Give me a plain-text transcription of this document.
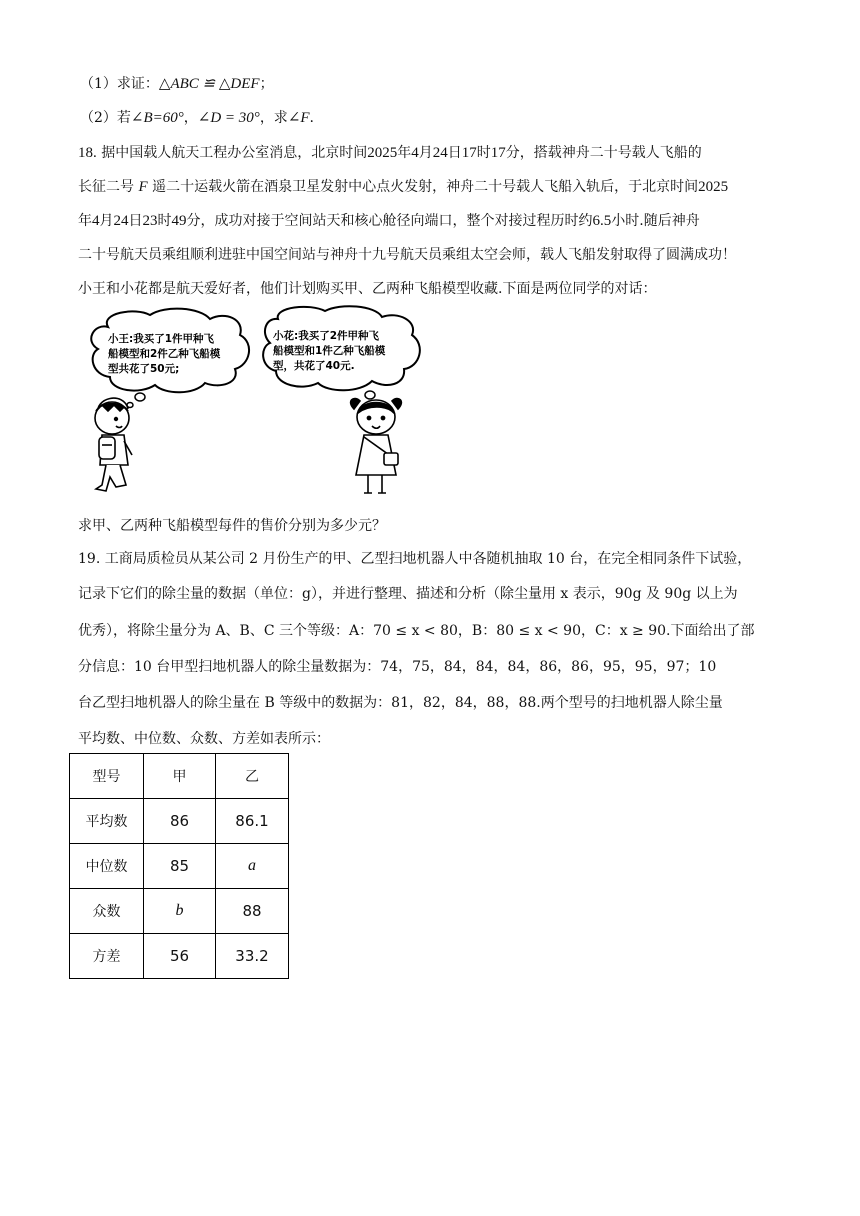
（1）求证：△ABC ≌ △DEF；
（2）若∠B=60°，∠D = 30°，求∠F.
18. 据中国载人航天工程办公室消息，北京时间2025年4月24日17时17分，搭载神舟二十号载人飞船的
长征二号 F 遥二十运载火箭在酒泉卫星发射中心点火发射，神舟二十号载人飞船入轨后，于北京时间2025
年4月24日23时49分，成功对接于空间站天和核心舱径向端口，整个对接过程历时约6.5小时.随后神舟
二十号航天员乘组顺利进驻中国空间站与神舟十九号航天员乘组太空会师，载人飞船发射取得了圆满成功！
小王和小花都是航天爱好者，他们计划购买甲、乙两种飞船模型收藏.下面是两位同学的对话：
小王:我买了1件甲种飞
船模型和2件乙种飞船模
型共花了50元;
小花:我买了2件甲种飞
船模型和1件乙种飞船模
型，共花了40元.
求甲、乙两种飞船模型每件的售价分别为多少元？
19. 工商局质检员从某公司 2 月份生产的甲、乙型扫地机器人中各随机抽取 10 台，在完全相同条件下试验，
记录下它们的除尘量的数据（单位：g），并进行整理、描述和分析（除尘量用 x 表示，90g 及 90g 以上为
优秀），将除尘量分为 A、B、C 三个等级：A：70 ≤ x < 80，B：80 ≤ x < 90，C：x ≥ 90.下面给出了部
分信息：10 台甲型扫地机器人的除尘量数据为：74，75，84，84，84，86，86，95，95，97；10
台乙型扫地机器人的除尘量在 B 等级中的数据为：81，82，84，88，88.两个型号的扫地机器人除尘量
平均数、中位数、众数、方差如表所示：
型号	甲	乙
平均数	86	86.1
中位数	85	a
众数	b	88
方差	56	33.2
